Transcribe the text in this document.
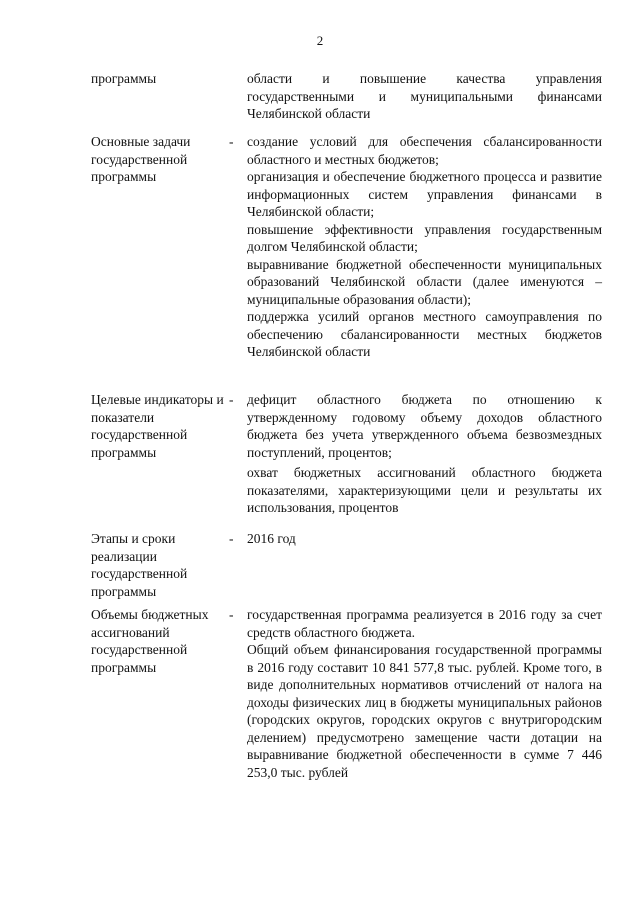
2
программы	области и повышение качества управления государственными и муниципальными финансами Челябинской области

Основные задачи государственной программы
- создание условий для обеспечения сбалансированности областного и местных бюджетов;

организация и обеспечение бюджетного процесса и развитие информационных систем управления финансами в Челябинской области;

повышение эффективности управления государственным долгом Челябинской области;

выравнивание бюджетной обеспеченности муниципальных образований Челябинской области (далее именуются – муниципальные образования области);

поддержка усилий органов местного самоуправления по обеспечению сбалансированности местных бюджетов Челябинской области

Целевые индикаторы и показатели государственной программы
- дефицит областного бюджета по отношению к утвержденному годовому объему доходов областного бюджета без учета утвержденного объема безвозмездных поступлений, процентов;

охват бюджетных ассигнований областного бюджета показателями, характеризующими цели и результаты их использования, процентов

Этапы и сроки реализации государственной программы
- 2016 год

Объемы бюджетных ассигнований государственной программы
- государственная программа реализуется в 2016 году за счет средств областного бюджета.

Общий объем финансирования государственной программы в 2016 году составит 10 841 577,8 тыс. рублей. Кроме того, в виде дополнительных нормативов отчислений от налога на доходы физических лиц в бюджеты муниципальных районов (городских округов, городских округов с внутригородским делением) предусмотрено замещение части дотации на выравнивание бюджетной обеспеченности в сумме 7 446 253,0 тыс. рублей
